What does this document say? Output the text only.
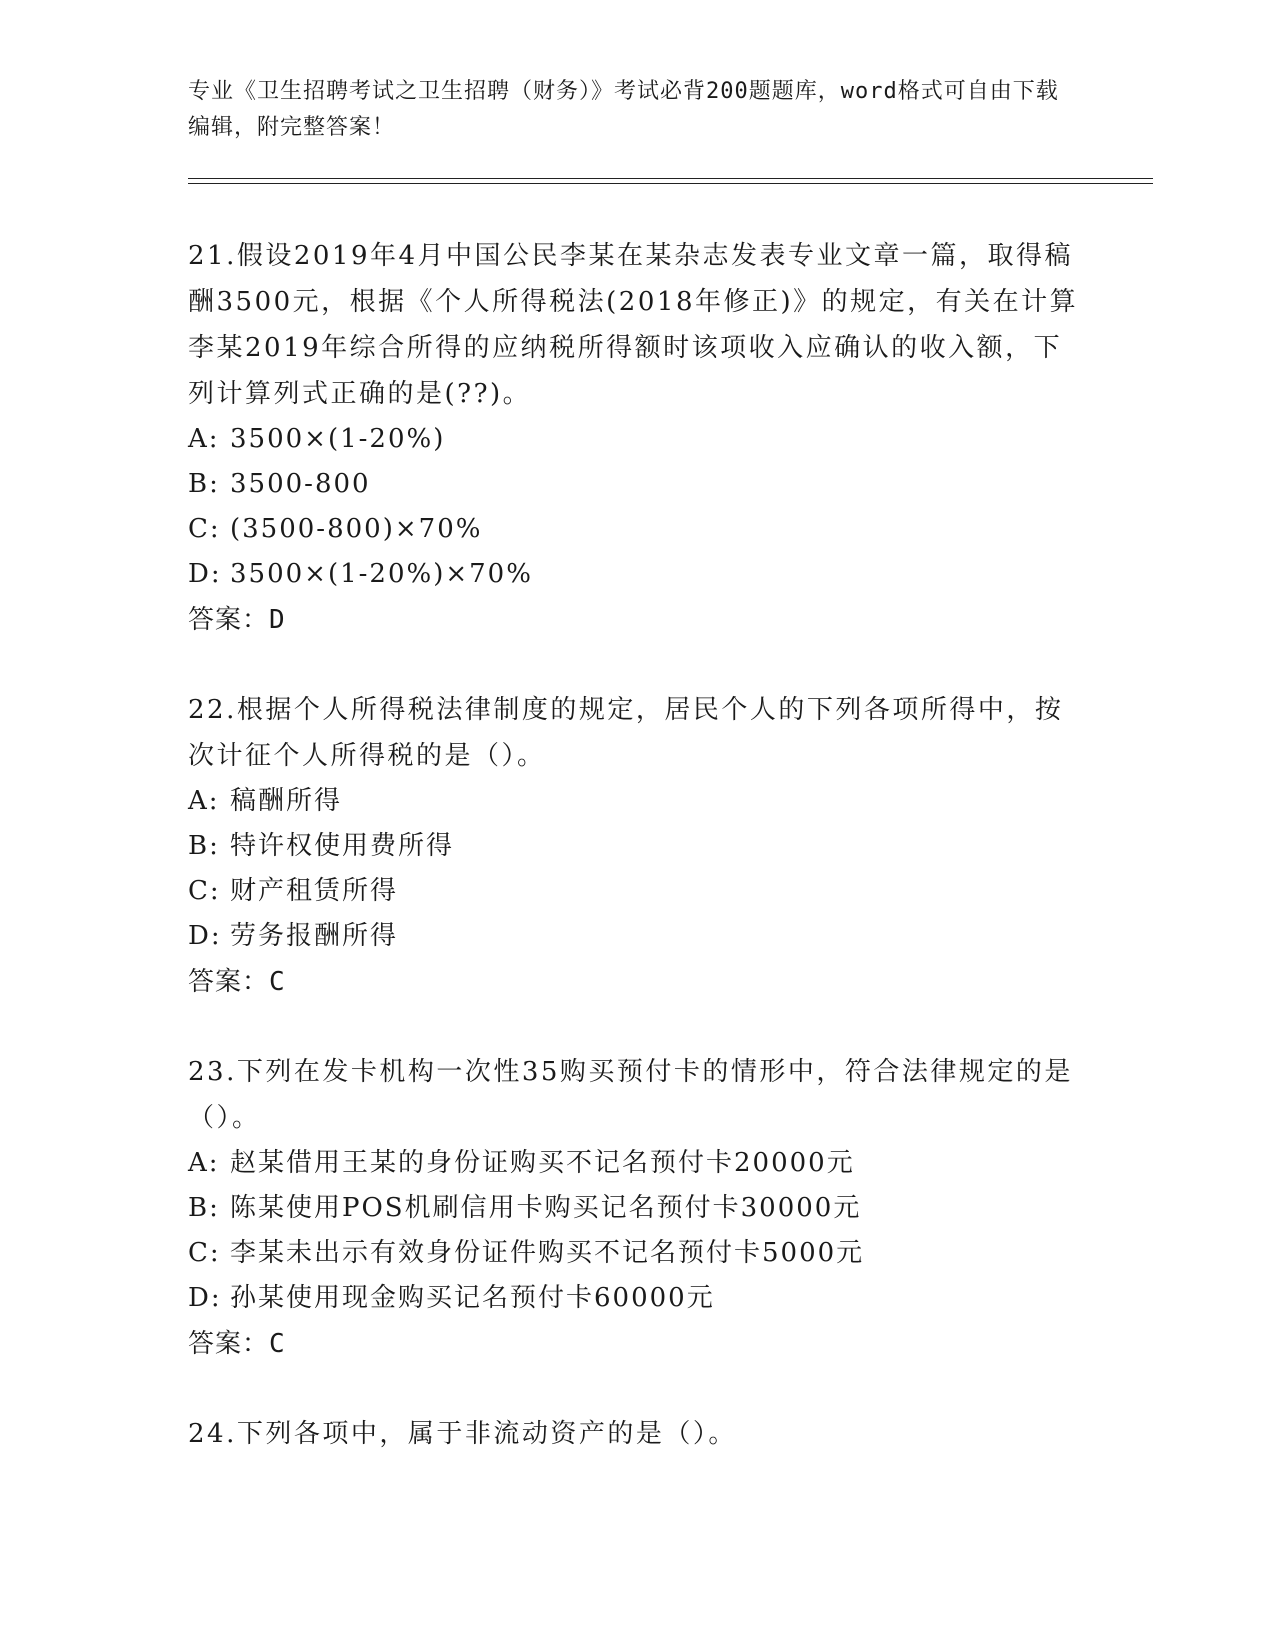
专业《卫生招聘考试之卫生招聘（财务）》考试必背200题题库，word格式可自由下载编辑，附完整答案！
21.假设2019年4月中国公民李某在某杂志发表专业文章一篇，取得稿酬3500元，根据《个人所得税法(2018年修正)》的规定，有关在计算李某2019年综合所得的应纳税所得额时该项收入应确认的收入额，下列计算列式正确的是(??)。
A: 3500×(1-20%)
B: 3500-800
C: (3500-800)×70%
D: 3500×(1-20%)×70%
答案：D
22.根据个人所得税法律制度的规定，居民个人的下列各项所得中，按次计征个人所得税的是（）。
A: 稿酬所得
B: 特许权使用费所得
C: 财产租赁所得
D: 劳务报酬所得
答案：C
23.下列在发卡机构一次性35购买预付卡的情形中，符合法律规定的是（）。
A: 赵某借用王某的身份证购买不记名预付卡20000元
B: 陈某使用POS机刷信用卡购买记名预付卡30000元
C: 李某未出示有效身份证件购买不记名预付卡5000元
D: 孙某使用现金购买记名预付卡60000元
答案：C
24.下列各项中，属于非流动资产的是（）。
